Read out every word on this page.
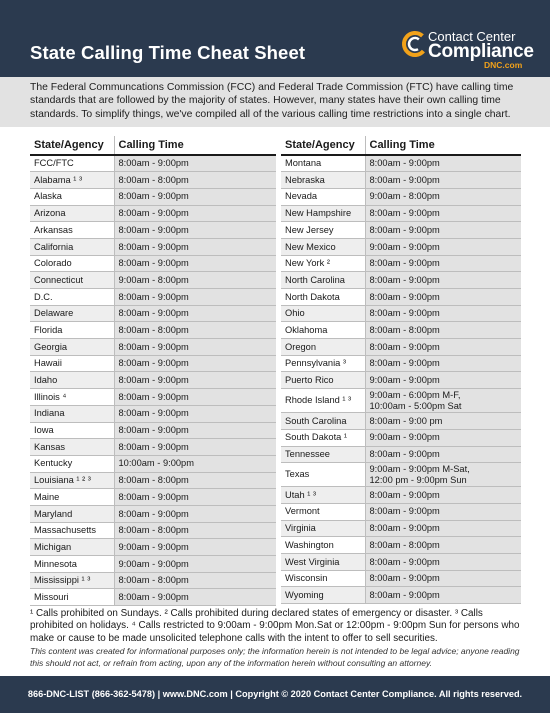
State Calling Time Cheat Sheet
Contact Center
Compliance
DNC.com
The Federal Communcations Commission (FCC) and Federal Trade Commission (FTC) have calling time standards that are followed by the majority of states. However, many states have their own calling time standards. To simplify things, we've compiled all of the various calling time restrictions into a single chart.
State/Agency	Calling Time
FCC/FTC	8:00am - 9:00pm
Alabama ¹ ³	8:00am - 8:00pm
Alaska	8:00am - 9:00pm
Arizona	8:00am - 9:00pm
Arkansas	8:00am - 9:00pm
California	8:00am - 9:00pm
Colorado	8:00am - 9:00pm
Connecticut	9:00am - 8:00pm
D.C.	8:00am - 9:00pm
Delaware	8:00am - 9:00pm
Florida	8:00am - 8:00pm
Georgia	8:00am - 9:00pm
Hawaii	8:00am - 9:00pm
Idaho	8:00am - 9:00pm
Illinois ⁴	8:00am - 9:00pm
Indiana	8:00am - 9:00pm
Iowa	8:00am - 9:00pm
Kansas	8:00am - 9:00pm
Kentucky	10:00am - 9:00pm
Louisiana ¹ ² ³	8:00am - 8:00pm
Maine	8:00am - 9:00pm
Maryland	8:00am - 9:00pm
Massachusetts	8:00am - 8:00pm
Michigan	9:00am - 9:00pm
Minnesota	9:00am - 9:00pm
Mississippi ¹ ³	8:00am - 8:00pm
Missouri	8:00am - 9:00pm
State/Agency	Calling Time
Montana	8:00am - 9:00pm
Nebraska	8:00am - 9:00pm
Nevada	9:00am - 8:00pm
New Hampshire	8:00am - 9:00pm
New Jersey	8:00am - 9:00pm
New Mexico	9:00am - 9:00pm
New York ²	8:00am - 9:00pm
North Carolina	8:00am - 9:00pm
North Dakota	8:00am - 9:00pm
Ohio	8:00am - 9:00pm
Oklahoma	8:00am - 8:00pm
Oregon	8:00am - 9:00pm
Pennsylvania ³	8:00am - 9:00pm
Puerto Rico	9:00am - 9:00pm
Rhode Island ¹ ³	9:00am - 6:00pm M-F,
10:00am - 5:00pm Sat

South Carolina	8:00am - 9:00 pm
South Dakota ¹	9:00am - 9:00pm
Tennessee	8:00am - 9:00pm
Texas	9:00am - 9:00pm M-Sat,
12:00 pm - 9:00pm Sun

Utah ¹ ³	8:00am - 9:00pm
Vermont	8:00am - 9:00pm
Virginia	8:00am - 9:00pm
Washington	8:00am - 8:00pm
West Virginia	8:00am - 9:00pm
Wisconsin	8:00am - 9:00pm
Wyoming	8:00am - 9:00pm
¹ Calls prohibited on Sundays. ² Calls prohibited during declared states of emergency or disaster. ³ Calls prohibited on holidays. ⁴ Calls restricted to 9:00am - 9:00pm Mon.Sat or 12:00pm - 9:00pm Sun for persons who make or cause to be made unsolicited telephone calls with the intent to offer to sell securities.
This content was created for informational purposes only; the information herein is not intended to be legal advice; anyone reading this should not act, or refrain from acting, upon any of the information herein without consulting an attorney.
866-DNC-LIST (866-362-5478) | www.DNC.com | Copyright © 2020 Contact Center Compliance. All rights reserved.
